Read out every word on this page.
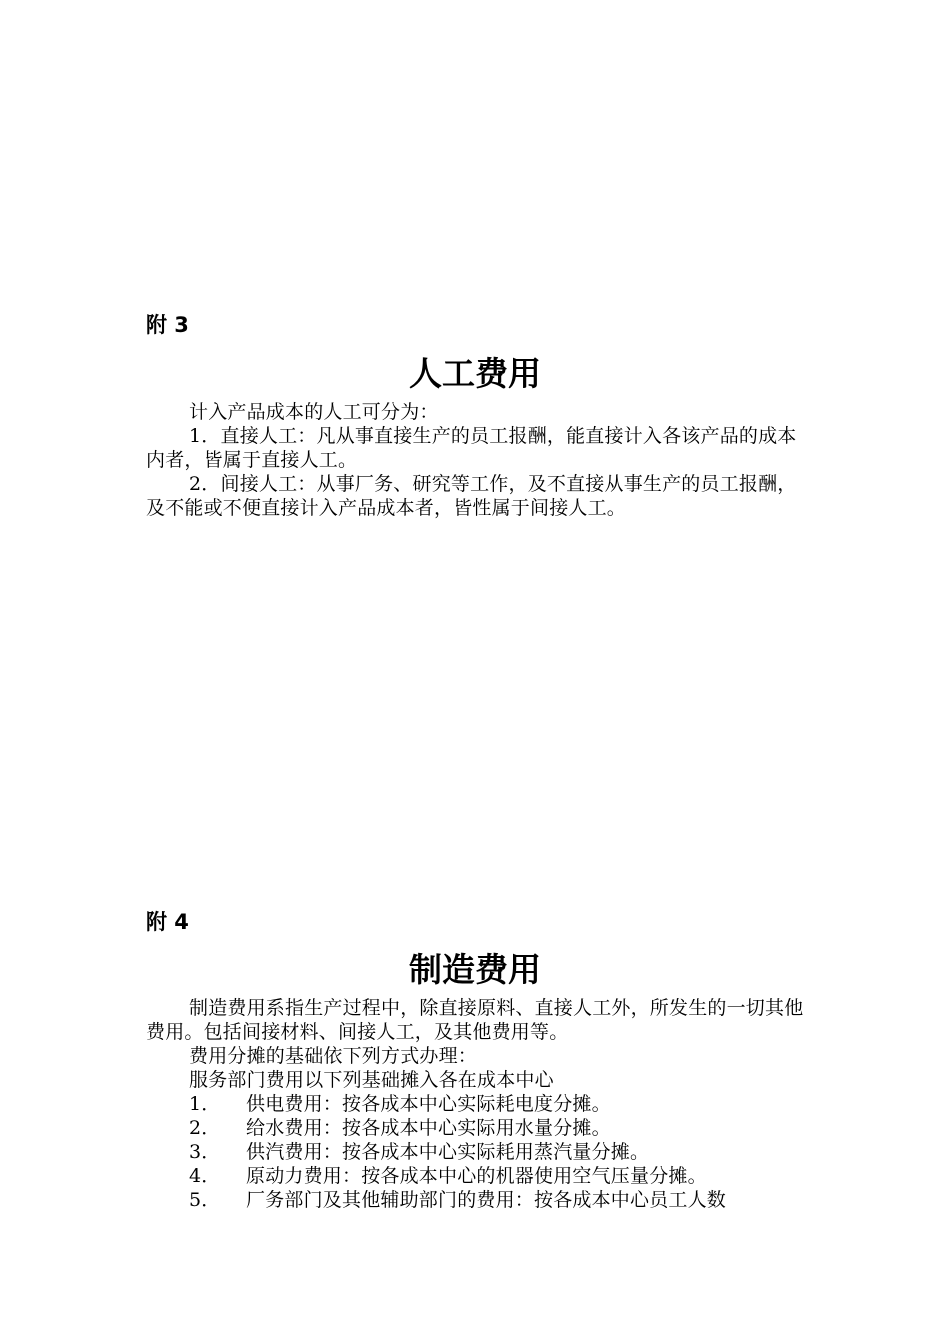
附 3
人工费用

计入产品成本的人工可分为：

1．直接人工：凡从事直接生产的员工报酬，能直接计入各该产品的成本内者，皆属于直接人工。

2．间接人工：从事厂务、研究等工作，及不直接从事生产的员工报酬，及不能或不便直接计入产品成本者，皆性属于间接人工。

附 4
制造费用

制造费用系指生产过程中，除直接原料、直接人工外，所发生的一切其他费用。包括间接材料、间接人工，及其他费用等。

费用分摊的基础依下列方式办理：

服务部门费用以下列基础摊入各在成本中心

1．	供电费用：按各成本中心实际耗电度分摊。
2．	给水费用：按各成本中心实际用水量分摊。
3．	供汽费用：按各成本中心实际耗用蒸汽量分摊。
4．	原动力费用：按各成本中心的机器使用空气压量分摊。
5．	厂务部门及其他辅助部门的费用：按各成本中心员工人数
